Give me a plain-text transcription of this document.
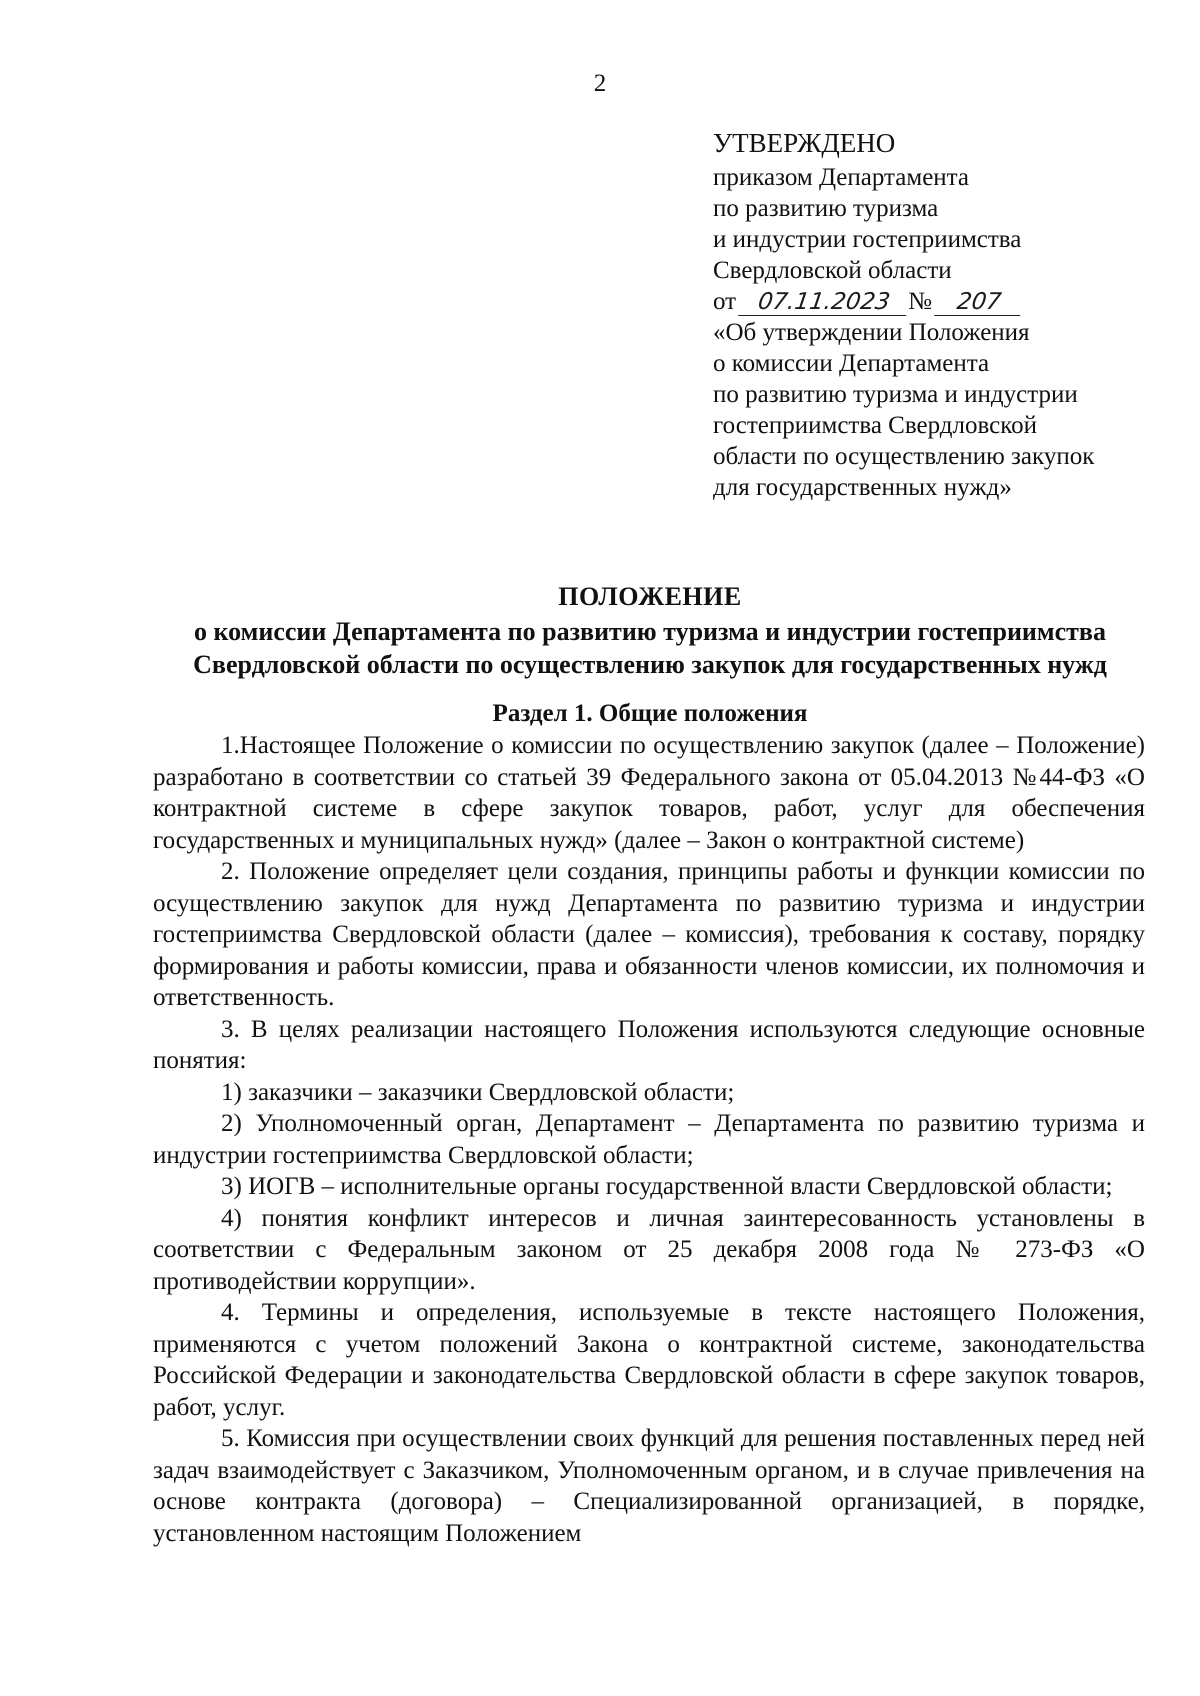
2
УТВЕРЖДЕНО
приказом Департамента
по развитию туризма
и индустрии гостеприимства
Свердловской области
от 07.11.2023 № 207
«Об утверждении Положения
о комиссии Департамента
по развитию туризма и индустрии
гостеприимства Свердловской
области по осуществлению закупок
для государственных нужд»
ПОЛОЖЕНИЕ
о комиссии Департамента по развитию туризма и индустрии гостеприимства
Свердловской области по осуществлению закупок для государственных нужд
Раздел 1. Общие положения

1.Настоящее Положение о комиссии по осуществлению закупок (далее – Положение) разработано в соответствии со статьей 39 Федерального закона от 05.04.2013 №44-ФЗ «О контрактной системе в сфере закупок товаров, работ, услуг для обеспечения государственных и муниципальных нужд» (далее – Закон о контрактной системе)

2. Положение определяет цели создания, принципы работы и функции комиссии по осуществлению закупок для нужд Департамента по развитию туризма и индустрии гостеприимства Свердловской области (далее – комиссия), требования к составу, порядку формирования и работы комиссии, права и обязанности членов комиссии, их полномочия и ответственность.

3. В целях реализации настоящего Положения используются следующие основные понятия:

1) заказчики – заказчики Свердловской области;

2) Уполномоченный орган, Департамент – Департамента по развитию туризма и индустрии гостеприимства Свердловской области;

3) ИОГВ – исполнительные органы государственной власти Свердловской области;

4) понятия конфликт интересов и личная заинтересованность установлены в соответствии с Федеральным законом от 25 декабря 2008 года № 273-ФЗ «О противодействии коррупции».

4. Термины и определения, используемые в тексте настоящего Положения, применяются с учетом положений Закона о контрактной системе, законодательства Российской Федерации и законодательства Свердловской области в сфере закупок товаров, работ, услуг.

5. Комиссия при осуществлении своих функций для решения поставленных перед ней задач взаимодействует с Заказчиком, Уполномоченным органом, и в случае привлечения на основе контракта (договора) – Специализированной организацией, в порядке, установленном настоящим Положением
